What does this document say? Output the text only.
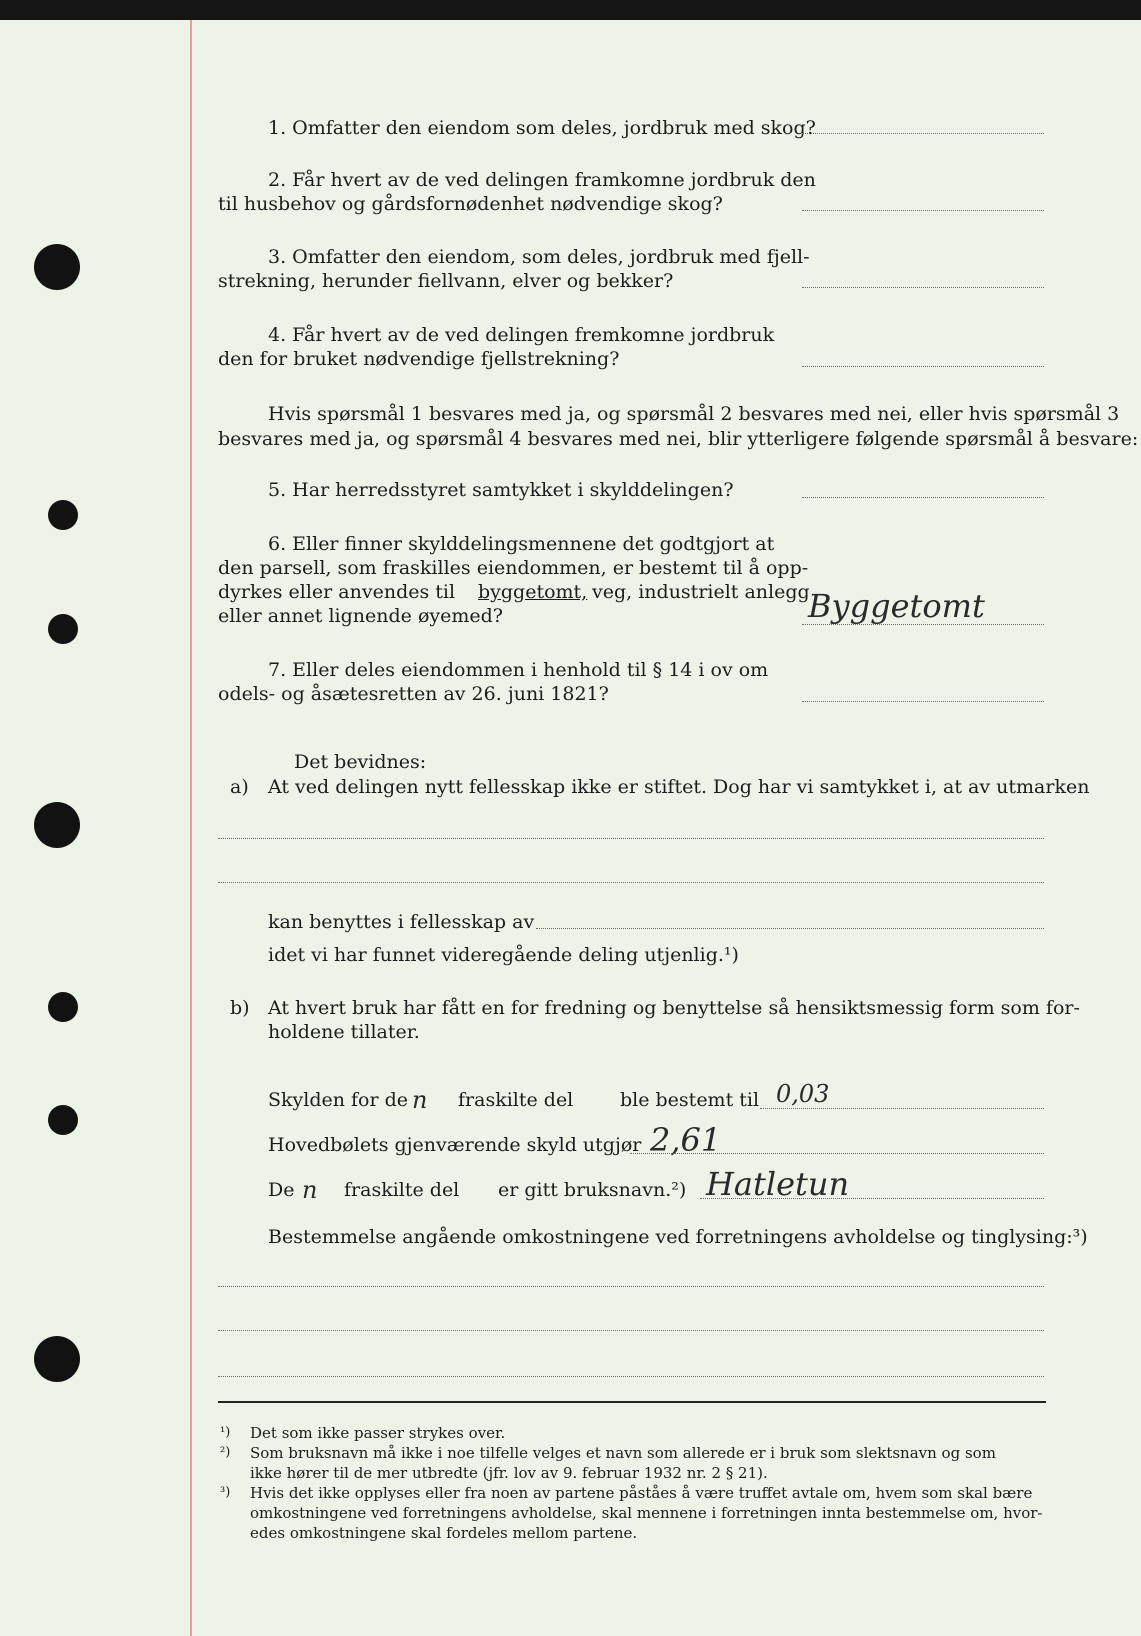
1. Omfatter den eiendom som deles, jordbruk med skog?
2. Får hvert av de ved delingen framkomne jordbruk den
til husbehov og gårdsfornødenhet nødvendige skog?
3. Omfatter den eiendom, som deles, jordbruk med fjell-
strekning, herunder fiellvann, elver og bekker?
4. Får hvert av de ved delingen fremkomne jordbruk
den for bruket nødvendige fjellstrekning?
Hvis spørsmål 1 besvares med ja, og spørsmål 2 besvares med nei, eller hvis spørsmål 3
besvares med ja, og spørsmål 4 besvares med nei, blir ytterligere følgende spørsmål å besvare:
5. Har herredsstyret samtykket i skylddelingen?
6. Eller finner skylddelingsmennene det godtgjort at
den parsell, som fraskilles eiendommen, er bestemt til å opp-
dyrkes eller anvendes til byggetomt, veg, industrielt anlegg
eller annet lignende øyemed?	Byggetomt
7. Eller deles eiendommen i henhold til § 14 i ov om
odels- og åsætesretten av 26. juni 1821?
Det bevidnes:
a) At ved delingen nytt fellesskap ikke er stiftet. Dog har vi samtykket i, at av utmarken
kan benyttes i fellesskap av
idet vi har funnet videregående deling utjenlig.¹)
b) At hvert bruk har fått en for fredning og benyttelse så hensiktsmessig form som for-
holdene tillater.
Skylden for de n fraskilte del ble bestemt til 0,03
Hovedbølets gjenværende skyld utgjør 2,61
De n fraskilte del er gitt bruksnavn.²) Hatletun
Bestemmelse angående omkostningene ved forretningens avholdelse og tinglysing:³)
¹) Det som ikke passer strykes over.
²) Som bruksnavn må ikke i noe tilfelle velges et navn som allerede er i bruk som slektsnavn og som
ikke hører til de mer utbredte (jfr. lov av 9. februar 1932 nr. 2 § 21).
³) Hvis det ikke opplyses eller fra noen av partene påståes å være truffet avtale om, hvem som skal bære
omkostningene ved forretningens avholdelse, skal mennene i forretningen innta bestemmelse om, hvor-
edes omkostningene skal fordeles mellom partene.
